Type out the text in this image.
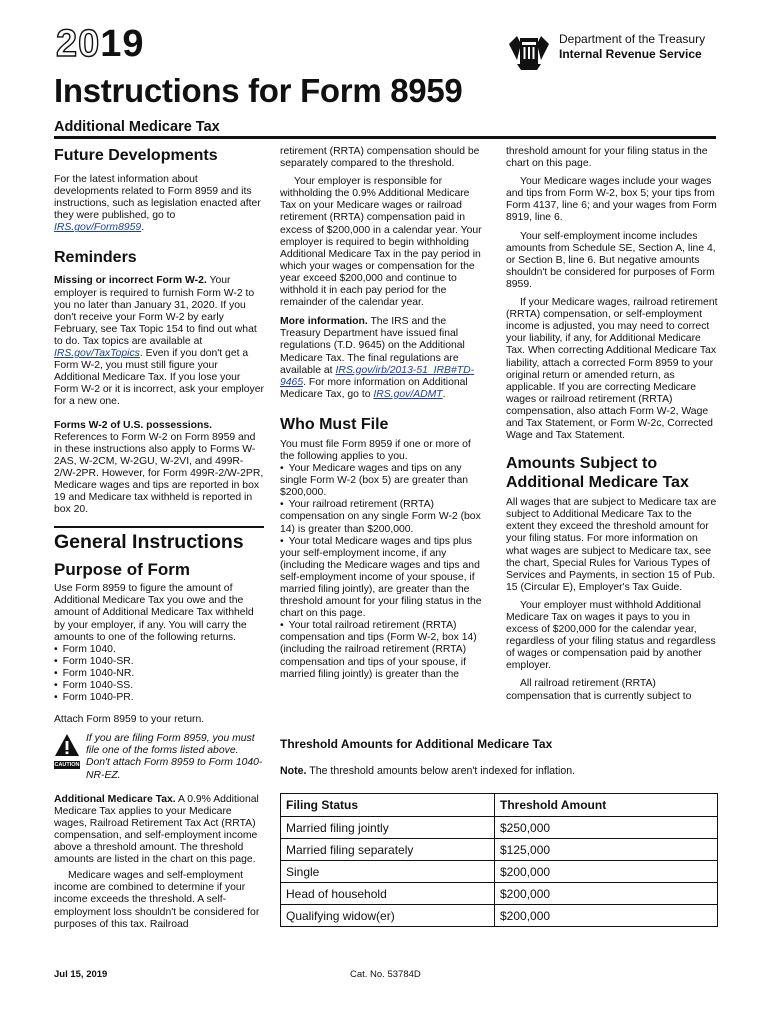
2019	Department of the Treasury
Internal Revenue Service
Instructions for Form 8959
Additional Medicare Tax
Future Developments

For the latest information about developments related to Form 8959 and its instructions, such as legislation enacted after they were published, go to IRS.gov/Form8959.

Reminders

Missing or incorrect Form W-2. Your employer is required to furnish Form W-2 to you no later than January 31, 2020. If you don't receive your Form W-2 by early February, see Tax Topic 154 to find out what to do. Tax topics are available at IRS.gov/TaxTopics. Even if you don't get a Form W-2, you must still figure your Additional Medicare Tax. If you lose your Form W-2 or it is incorrect, ask your employer for a new one.

Forms W-2 of U.S. possessions. References to Form W-2 on Form 8959 and in these instructions also apply to Forms W-2AS, W-2CM, W-2GU, W-2VI, and 499R-2/W-2PR. However, for Form 499R-2/W-2PR, Medicare wages and tips are reported in box 19 and Medicare tax withheld is reported in box 20.

General Instructions
Purpose of Form

Use Form 8959 to figure the amount of Additional Medicare Tax you owe and the amount of Additional Medicare Tax withheld by your employer, if any. You will carry the amounts to one of the following returns.

• Form 1040.
• Form 1040-SR.
• Form 1040-NR.
• Form 1040-SS.
• Form 1040-PR.

Attach Form 8959 to your return.

CAUTION
If you are filing Form 8959, you must file one of the forms listed above. Don't attach Form 8959 to Form 1040-NR-EZ.

Additional Medicare Tax. A 0.9% Additional Medicare Tax applies to your Medicare wages, Railroad Retirement Tax Act (RRTA) compensation, and self-employment income above a threshold amount. The threshold amounts are listed in the chart on this page.

Medicare wages and self-employment income are combined to determine if your income exceeds the threshold. A self-employment loss shouldn't be considered for purposes of this tax. Railroad

retirement (RRTA) compensation should be separately compared to the threshold.

Your employer is responsible for withholding the 0.9% Additional Medicare Tax on your Medicare wages or railroad retirement (RRTA) compensation paid in excess of $200,000 in a calendar year. Your employer is required to begin withholding Additional Medicare Tax in the pay period in which your wages or compensation for the year exceed $200,000 and continue to withhold it in each pay period for the remainder of the calendar year.

More information. The IRS and the Treasury Department have issued final regulations (T.D. 9645) on the Additional Medicare Tax. The final regulations are available at IRS.gov/irb/2013-51_IRB#TD-9465. For more information on Additional Medicare Tax, go to IRS.gov/ADMT.

Who Must File

You must file Form 8959 if one or more of the following applies to you.

• Your Medicare wages and tips on any single Form W-2 (box 5) are greater than $200,000.

• Your railroad retirement (RRTA) compensation on any single Form W-2 (box 14) is greater than $200,000.

• Your total Medicare wages and tips plus your self-employment income, if any (including the Medicare wages and tips and self-employment income of your spouse, if married filing jointly), are greater than the threshold amount for your filing status in the chart on this page.

• Your total railroad retirement (RRTA) compensation and tips (Form W-2, box 14) (including the railroad retirement (RRTA) compensation and tips of your spouse, if married filing jointly) is greater than the

threshold amount for your filing status in the chart on this page.

Your Medicare wages include your wages and tips from Form W-2, box 5; your tips from Form 4137, line 6; and your wages from Form 8919, line 6.

Your self-employment income includes amounts from Schedule SE, Section A, line 4, or Section B, line 6. But negative amounts shouldn't be considered for purposes of Form 8959.

If your Medicare wages, railroad retirement (RRTA) compensation, or self-employment income is adjusted, you may need to correct your liability, if any, for Additional Medicare Tax. When correcting Additional Medicare Tax liability, attach a corrected Form 8959 to your original return or amended return, as applicable. If you are correcting Medicare wages or railroad retirement (RRTA) compensation, also attach Form W-2, Wage and Tax Statement, or Form W-2c, Corrected Wage and Tax Statement.

Amounts Subject to Additional Medicare Tax

All wages that are subject to Medicare tax are subject to Additional Medicare Tax to the extent they exceed the threshold amount for your filing status. For more information on what wages are subject to Medicare tax, see the chart, Special Rules for Various Types of Services and Payments, in section 15 of Pub. 15 (Circular E), Employer's Tax Guide.

Your employer must withhold Additional Medicare Tax on wages it pays to you in excess of $200,000 for the calendar year, regardless of your filing status and regardless of wages or compensation paid by another employer.

All railroad retirement (RRTA) compensation that is currently subject to

Threshold Amounts for Additional Medicare Tax
Note. The threshold amounts below aren't indexed for inflation.
Filing Status	Threshold Amount
Married filing jointly	$250,000
Married filing separately	$125,000
Single	$200,000
Head of household	$200,000
Qualifying widow(er)	$200,000
Jul 15, 2019	Cat. No. 53784D
